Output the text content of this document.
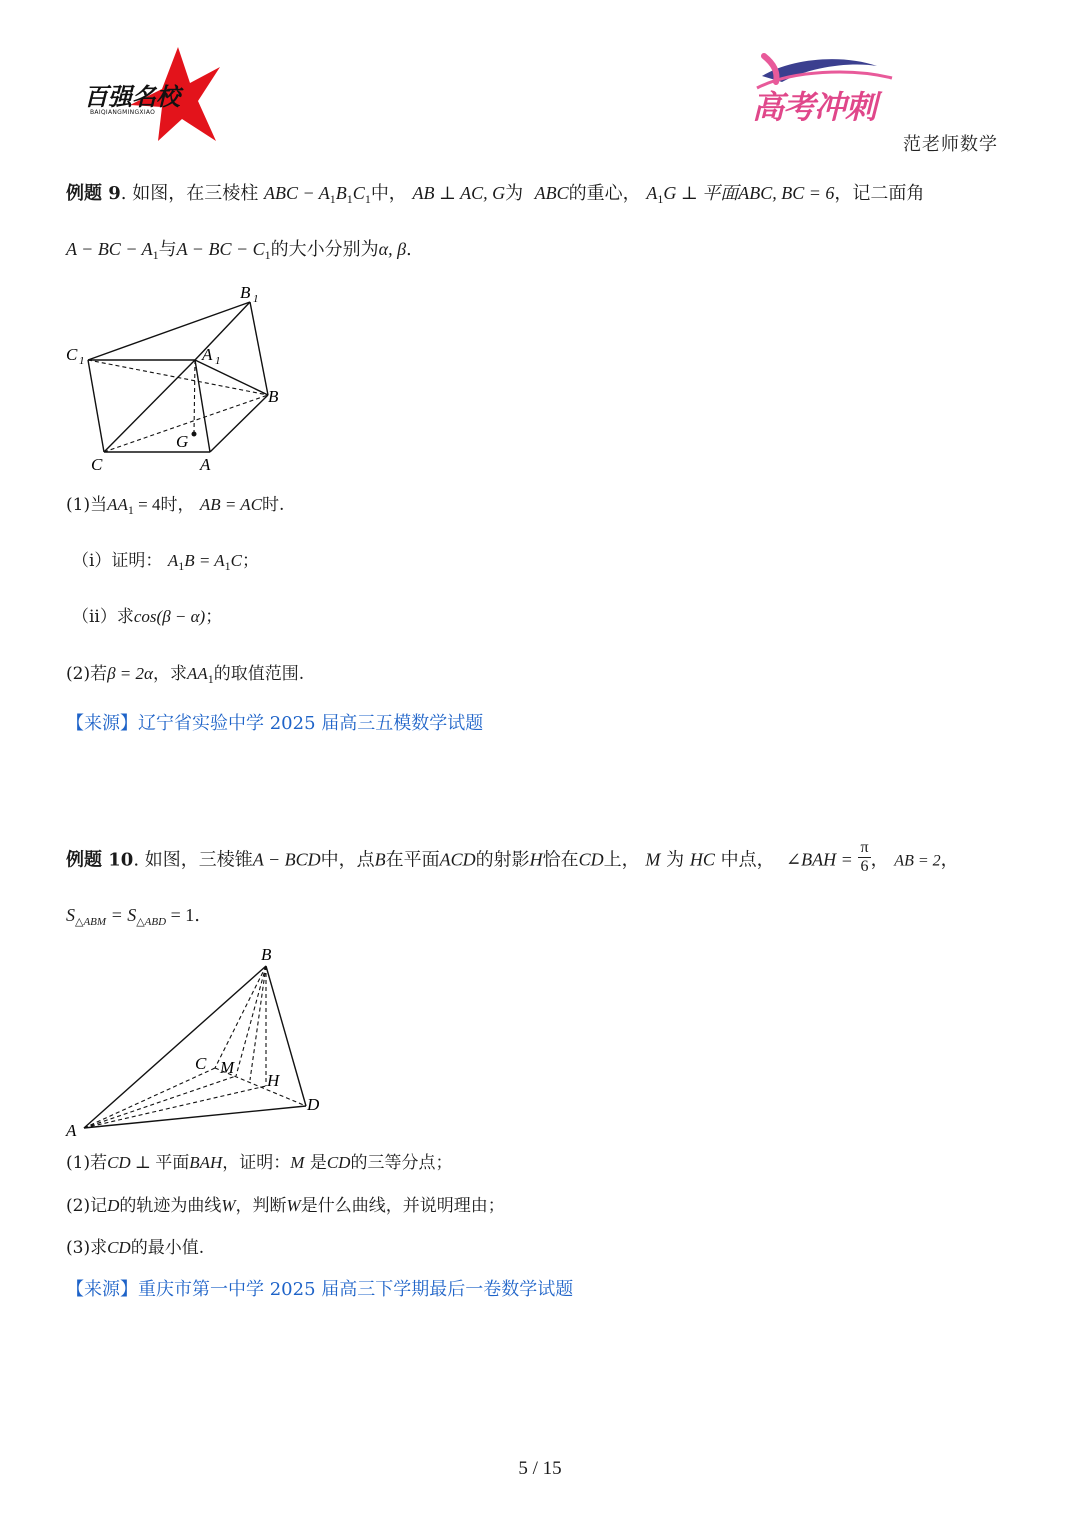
百强名校
BAIQIANGMINGXIAO	高考冲刺
范老师数学
例题 9. 如图，在三棱柱 ABC − $A_1B_1C_1$中， AB ⊥ AC, G为 ABC的重心， $A_1G$ ⊥ 平面ABC, BC = 6，记二面角
A − BC − $A_1$与A − BC − $C_1$的大小分别为α, β.
B 1
C 1	A 1
B
G
C	A
(1)当$AA_1 = 4$时， AB = AC时.
（i）证明： $A_1B = A_1C$；
（ii）求cos(β − α)；
(2)若β = 2α，求$AA_1$的取值范围.
【来源】辽宁省实验中学 2025 届高三五模数学试题
例题 10. 如图，三棱锥A − BCD中，点B在平面ACD的射影H恰在CD上， M 为 HC 中点， ∠BAH = $\frac{\pi}{6}$ ， AB = 2，
$S_{\triangle ABM} = S_{\triangle ABD} = 1$.
B
C M
H
D
A
(1)若CD ⊥ 平面BAH，证明：M 是CD的三等分点；
(2)记D的轨迹为曲线W，判断W是什么曲线，并说明理由；
(3)求CD的最小值.
【来源】重庆市第一中学 2025 届高三下学期最后一卷数学试题
5 / 15
